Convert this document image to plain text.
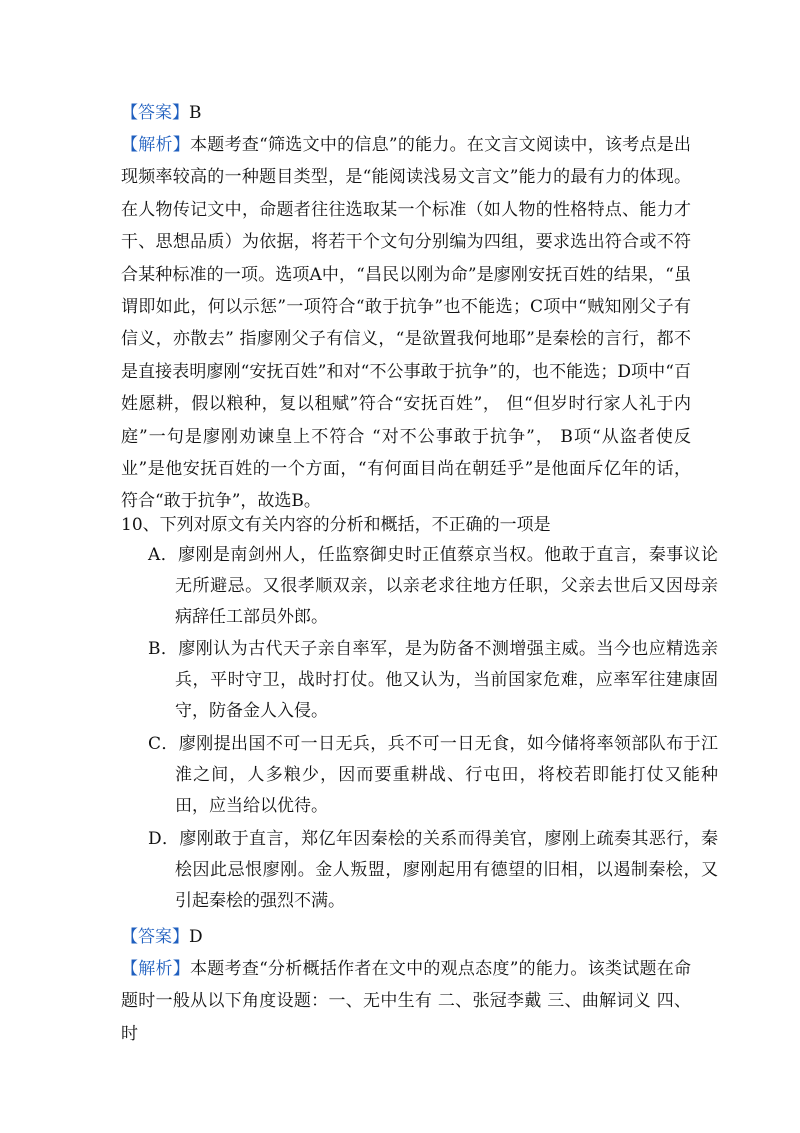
【答案】B

【解析】本题考查“筛选文中的信息”的能力。在文言文阅读中，该考点是出现频率较高的一种题目类型，是“能阅读浅易文言文”能力的最有力的体现。在人物传记文中，命题者往往选取某一个标准（如人物的性格特点、能力才干、思想品质）为依据，将若干个文句分别编为四组，要求选出符合或不符合某种标准的一项。选项A中，“昌民以刚为命”是廖刚安抚百姓的结果，“虽谓即如此，何以示惩”一项符合“敢于抗争”也不能选；C项中“贼知刚父子有信义，亦散去” 指廖刚父子有信义，“是欲置我何地耶”是秦桧的言行，都不是直接表明廖刚“安抚百姓”和对“不公事敢于抗争”的，也不能选；D项中“百姓愿耕，假以粮种，复以租赋”符合“安抚百姓”， 但“但岁时行家人礼于内庭”一句是廖刚劝谏皇上不符合 “对不公事敢于抗争”， B项“从盗者使反业”是他安抚百姓的一个方面，“有何面目尚在朝廷乎”是他面斥亿年的话，符合“敢于抗争”，故选B。

10、下列对原文有关内容的分析和概括，不正确的一项是

A．廖刚是南剑州人，任监察御史时正值蔡京当权。他敢于直言，秦事议论无所避忌。又很孝顺双亲，以亲老求往地方任职，父亲去世后又因母亲病辞任工部员外郎。

B．廖刚认为古代天子亲自率军，是为防备不测增强主威。当今也应精选亲兵，平时守卫，战时打仗。他又认为，当前国家危难，应率军往建康固守，防备金人入侵。

C．廖刚提出国不可一日无兵，兵不可一日无食，如今储将率领部队布于江淮之间，人多粮少，因而要重耕战、行屯田，将校若即能打仗又能种田，应当给以优待。

D．廖刚敢于直言，郑亿年因秦桧的关系而得美官，廖刚上疏奏其恶行，秦桧因此忌恨廖刚。金人叛盟，廖刚起用有德望的旧相，以遏制秦桧，又引起秦桧的强烈不满。

【答案】D

【解析】本题考查“分析概括作者在文中的观点态度”的能力。该类试题在命题时一般从以下角度设题：一、无中生有 二、张冠李戴 三、曲解词义 四、时
